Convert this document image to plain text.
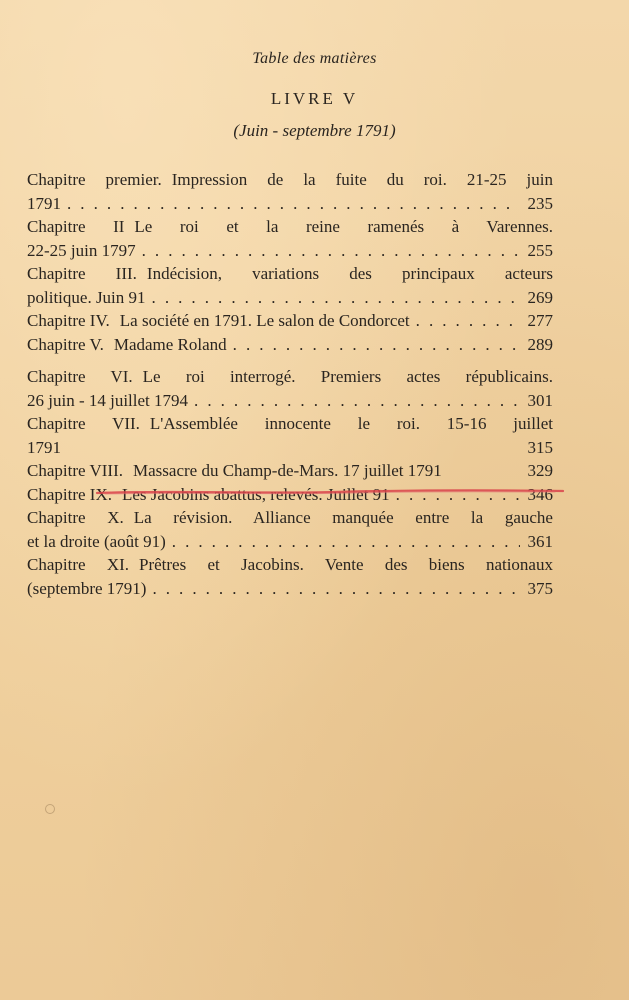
Table des matières
LIVRE V
(Juin - septembre 1791)
Chapitre premier. Impression de la fuite du roi. 21-25 juin
1791 . . .	235
Chapitre II Le roi et la reine ramenés à Varennes.
22-25 juin 1797 . . .	255
Chapitre III. Indécision, variations des principaux acteurs
politique. Juin 91 . . .	269
Chapitre IV. La société en 1791. Le salon de Condorcet . . .	277
Chapitre V. Madame Roland . . .	289
Chapitre VI. Le roi interrogé. Premiers actes républicains.
26 juin - 14 juillet 1794 . . .	301
Chapitre VII. L'Assemblée innocente le roi. 15-16 juillet
1791	315
Chapitre VIII. Massacre du Champ-de-Mars. 17 juillet 1791	329
Chapitre IX. Les Jacobins abattus, relevés. Juillet 91 . . .	346
Chapitre X. La révision. Alliance manquée entre la gauche
et la droite (août 91) . . .	361
Chapitre XI. Prêtres et Jacobins. Vente des biens nationaux
(septembre 1791) . . .	375
